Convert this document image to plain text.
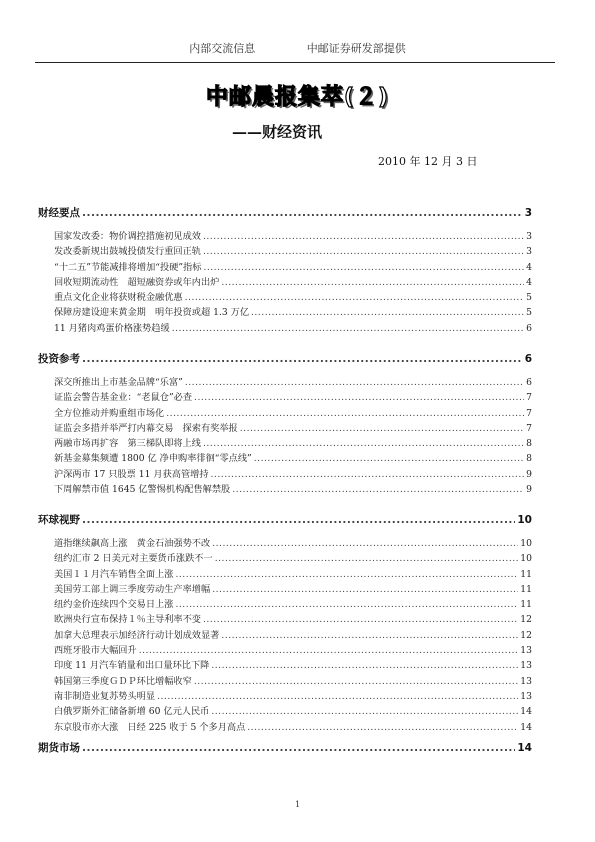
内部交流信息	中邮证券研发部提供
中邮晨报集萃(２)
——财经资讯
2010 年 12 月 3 日
财经要点 .....	3
国家发改委：物价调控措施初见成效 .....	3
发改委新规出鼓城投债发行重回正轨 .....	3
“十二五”节能减排将增加“投硬”指标 .....	4
回收短期流动性　超短融资券或年内出炉 .....	4
重点文化企业将获财税金融优惠 .....	5
保障房建设迎来黄金期　明年投资或超 1.3 万亿 .....	5
11 月猪肉鸡蛋价格涨势趋缓 .....	6
投资参考 .....	6
深交所推出上市基金品牌“乐富” .....	6
证监会警告基金业：“老鼠仓”必查 .....	7
全方位推动并购重组市场化 .....	7
证监会多措并举严打内幕交易　探索有奖举报 .....	7
两融市场再扩容　第三梯队即将上线 .....	8
新基金募集频遭 1800 亿 净申购率徘徊“零点线” .....	8
沪深两市 17 只股票 11 月获高管增持 .....	9
下周解禁市值 1645 亿警惕机构配售解禁股 .....	9
环球视野 .....	10
道指继续飙高上涨　黄金石油强势不改 .....	10
纽约汇市 2 日美元对主要货币涨跌不一 .....	10
美国１１月汽车销售全面上涨 .....	11
美国劳工部上调三季度劳动生产率增幅 .....	11
纽约金价连续四个交易日上涨 .....	11
欧洲央行宣布保持１％主导利率不变 .....	12
加拿大总理表示加经济行动计划成效显著 .....	12
西班牙股市大幅回升 .....	13
印度 11 月汽车销量和出口量环比下降 .....	13
韩国第三季度ＧＤＰ环比增幅收窄 .....	13
南非制造业复苏势头明显 .....	13
白俄罗斯外汇储备新增 60 亿元人民币 .....	14
东京股市亦大涨　日经 225 收于 5 个多月高点 .....	14
期货市场 .....	14
1
